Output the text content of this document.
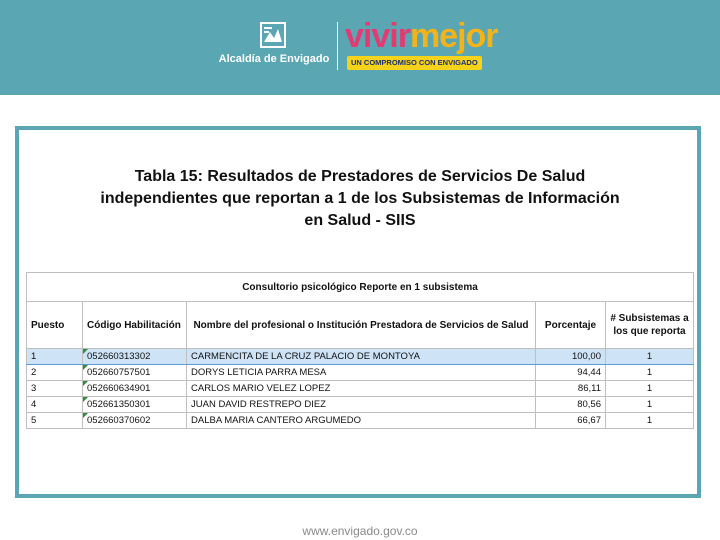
Alcaldía de Envigado
vivirmejor
UN COMPROMISO CON ENVIGADO
Tabla 15: Resultados de Prestadores de Servicios De Salud
independientes que reportan a 1 de los Subsistemas de Información
en Salud - SIIS
Consultorio psicológico Reporte en 1 subsistema				
Puesto	Código Habilitación	Nombre del profesional o Institución Prestadora de Servicios de Salud	Porcentaje	# Subsistemas a los que reporta
1	052660313302	CARMENCITA DE LA CRUZ PALACIO DE MONTOYA	100,00	1
2	052660757501	DORYS LETICIA PARRA MESA	94,44	1
3	052660634901	CARLOS MARIO VELEZ LOPEZ	86,11	1
4	052661350301	JUAN DAVID RESTREPO DIEZ	80,56	1
5	052660370602	DALBA MARIA CANTERO ARGUMEDO	66,67	1
www.envigado.gov.co
